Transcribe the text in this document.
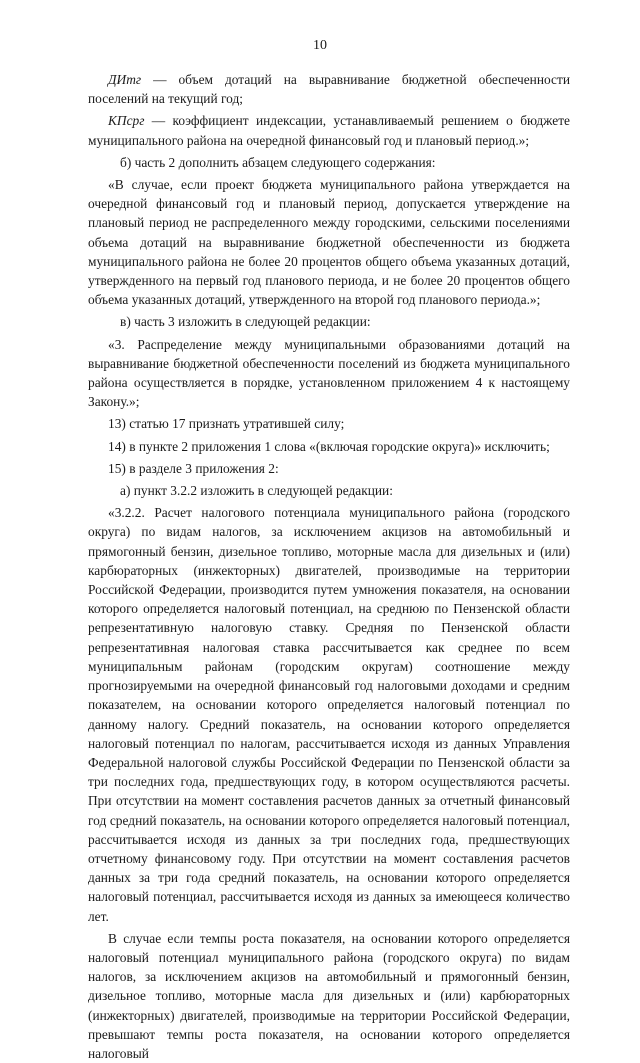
10

ДИтг — объем дотаций на выравнивание бюджетной обеспеченности поселений на текущий год;

КПсрг — коэффициент индексации, устанавливаемый решением о бюджете муниципального района на очередной финансовый год и плановый период.»;

б) часть 2 дополнить абзацем следующего содержания:

«В случае, если проект бюджета муниципального района утверждается на очередной финансовый год и плановый период, допускается утверждение на плановый период не распределенного между городскими, сельскими поселениями объема дотаций на выравнивание бюджетной обеспеченности из бюджета муниципального района не более 20 процентов общего объема указанных дотаций, утвержденного на первый год планового периода, и не более 20 процентов общего объема указанных дотаций, утвержденного на второй год планового периода.»;

в) часть 3 изложить в следующей редакции:

«3. Распределение между муниципальными образованиями дотаций на выравнивание бюджетной обеспеченности поселений из бюджета муниципального района осуществляется в порядке, установленном приложением 4 к настоящему Закону.»;

13) статью 17 признать утратившей силу;

14) в пункте 2 приложения 1 слова «(включая городские округа)» исключить;

15) в разделе 3 приложения 2:

а) пункт 3.2.2 изложить в следующей редакции:

«3.2.2. Расчет налогового потенциала муниципального района (городского округа) по видам налогов, за исключением акцизов на автомобильный и прямогонный бензин, дизельное топливо, моторные масла для дизельных и (или) карбюраторных (инжекторных) двигателей, производимые на территории Российской Федерации, производится путем умножения показателя, на основании которого определяется налоговый потенциал, на среднюю по Пензенской области репрезентативную налоговую ставку. Средняя по Пензенской области репрезентативная налоговая ставка рассчитывается как среднее по всем муниципальным районам (городским округам) соотношение между прогнозируемыми на очередной финансовый год налоговыми доходами и средним показателем, на основании которого определяется налоговый потенциал по данному налогу. Средний показатель, на основании которого определяется налоговый потенциал по налогам, рассчитывается исходя из данных Управления Федеральной налоговой службы Российской Федерации по Пензенской области за три последних года, предшествующих году, в котором осуществляются расчеты. При отсутствии на момент составления расчетов данных за отчетный финансовый год средний показатель, на основании которого определяется налоговый потенциал, рассчитывается исходя из данных за три последних года, предшествующих отчетному финансовому году. При отсутствии на момент составления расчетов данных за три года средний показатель, на основании которого определяется налоговый потенциал, рассчитывается исходя из данных за имеющееся количество лет.

В случае если темпы роста показателя, на основании которого определяется налоговый потенциал муниципального района (городского округа) по видам налогов, за исключением акцизов на автомобильный и прямогонный бензин, дизельное топливо, моторные масла для дизельных и (или) карбюраторных (инжекторных) двигателей, производимые на территории Российской Федерации, превышают темпы роста показателя, на основании которого определяется налоговый
